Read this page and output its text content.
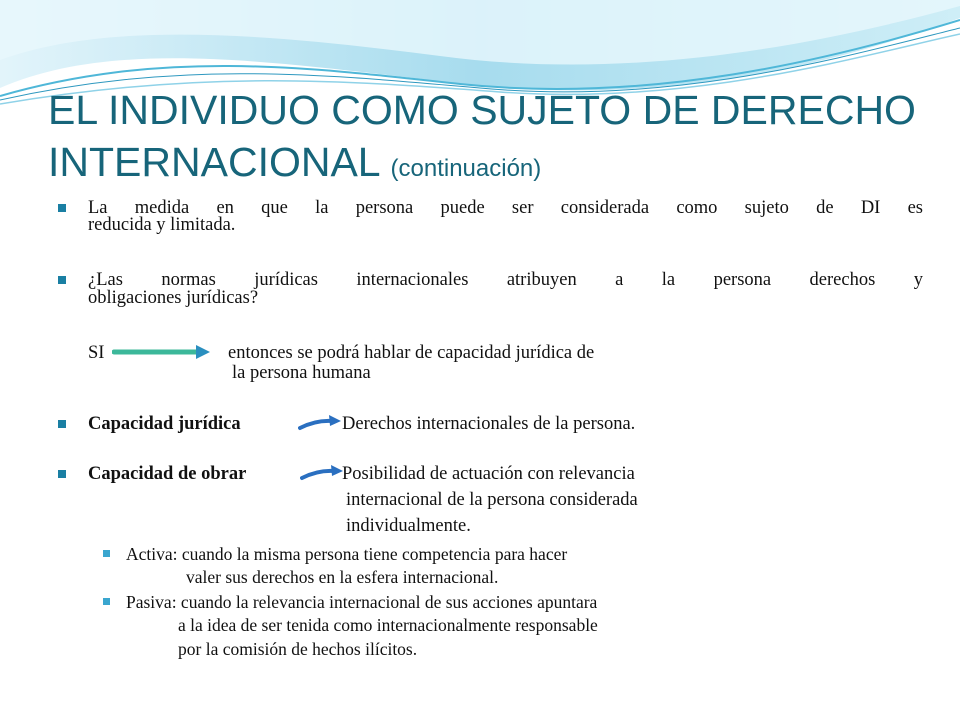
EL INDIVIDUO COMO SUJETO DE DERECHO
INTERNACIONAL (continuación)
La medida en que la persona puede ser considerada como sujeto de DI es
reducida y limitada.
¿Las normas jurídicas internacionales atribuyen a la persona derechos y
obligaciones jurídicas?
SI	entonces se podrá hablar de capacidad jurídica de
la persona humana
Capacidad jurídica	Derechos internacionales de la persona.
Capacidad de obrar	Posibilidad de actuación con relevancia
internacional de la persona considerada
individualmente.
Activa: cuando la misma persona tiene competencia para hacer
valer sus derechos en la esfera internacional.
Pasiva: cuando la relevancia internacional de sus acciones apuntara
a la idea de ser tenida como internacionalmente responsable
por la comisión de hechos ilícitos.
